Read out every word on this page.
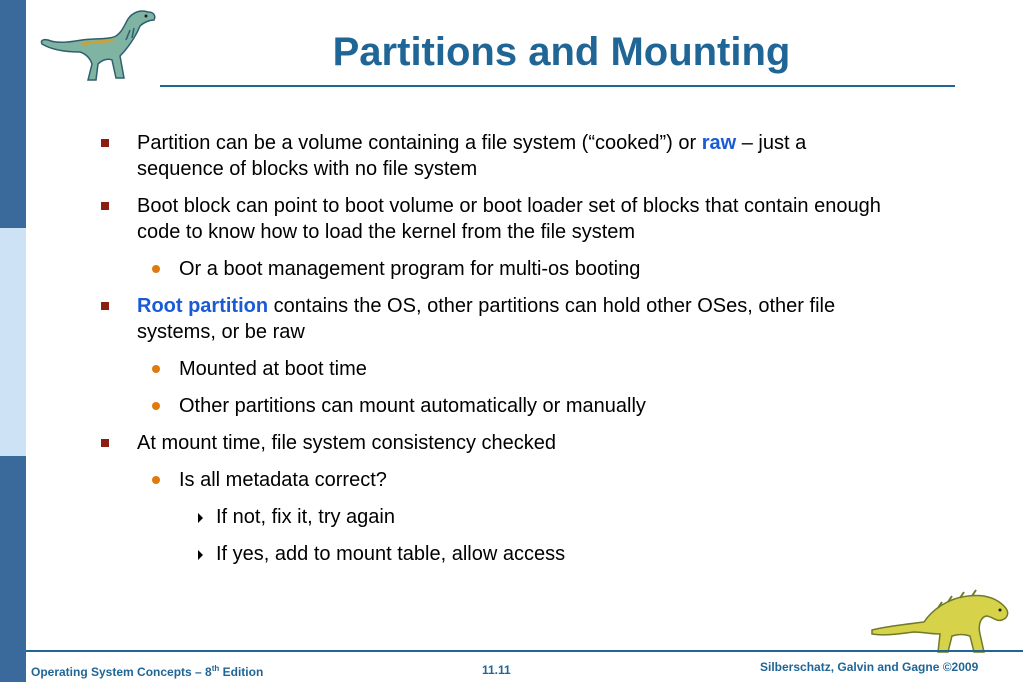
Partitions and Mounting
Partition can be a volume containing a file system (“cooked”) or raw – just a
sequence of blocks with no file system
Boot block can point to boot volume or boot loader set of blocks that contain enough
code to know how to load the kernel from the file system
Or a boot management program for multi-os booting
Root partition contains the OS, other partitions can hold other OSes, other file
systems, or be raw
Mounted at boot time
Other partitions can mount automatically or manually
At mount time, file system consistency checked
Is all metadata correct?
If not, fix it, try again
If yes, add to mount table, allow access
Operating System Concepts – 8th Edition	11.11	Silberschatz, Galvin and Gagne ©2009
